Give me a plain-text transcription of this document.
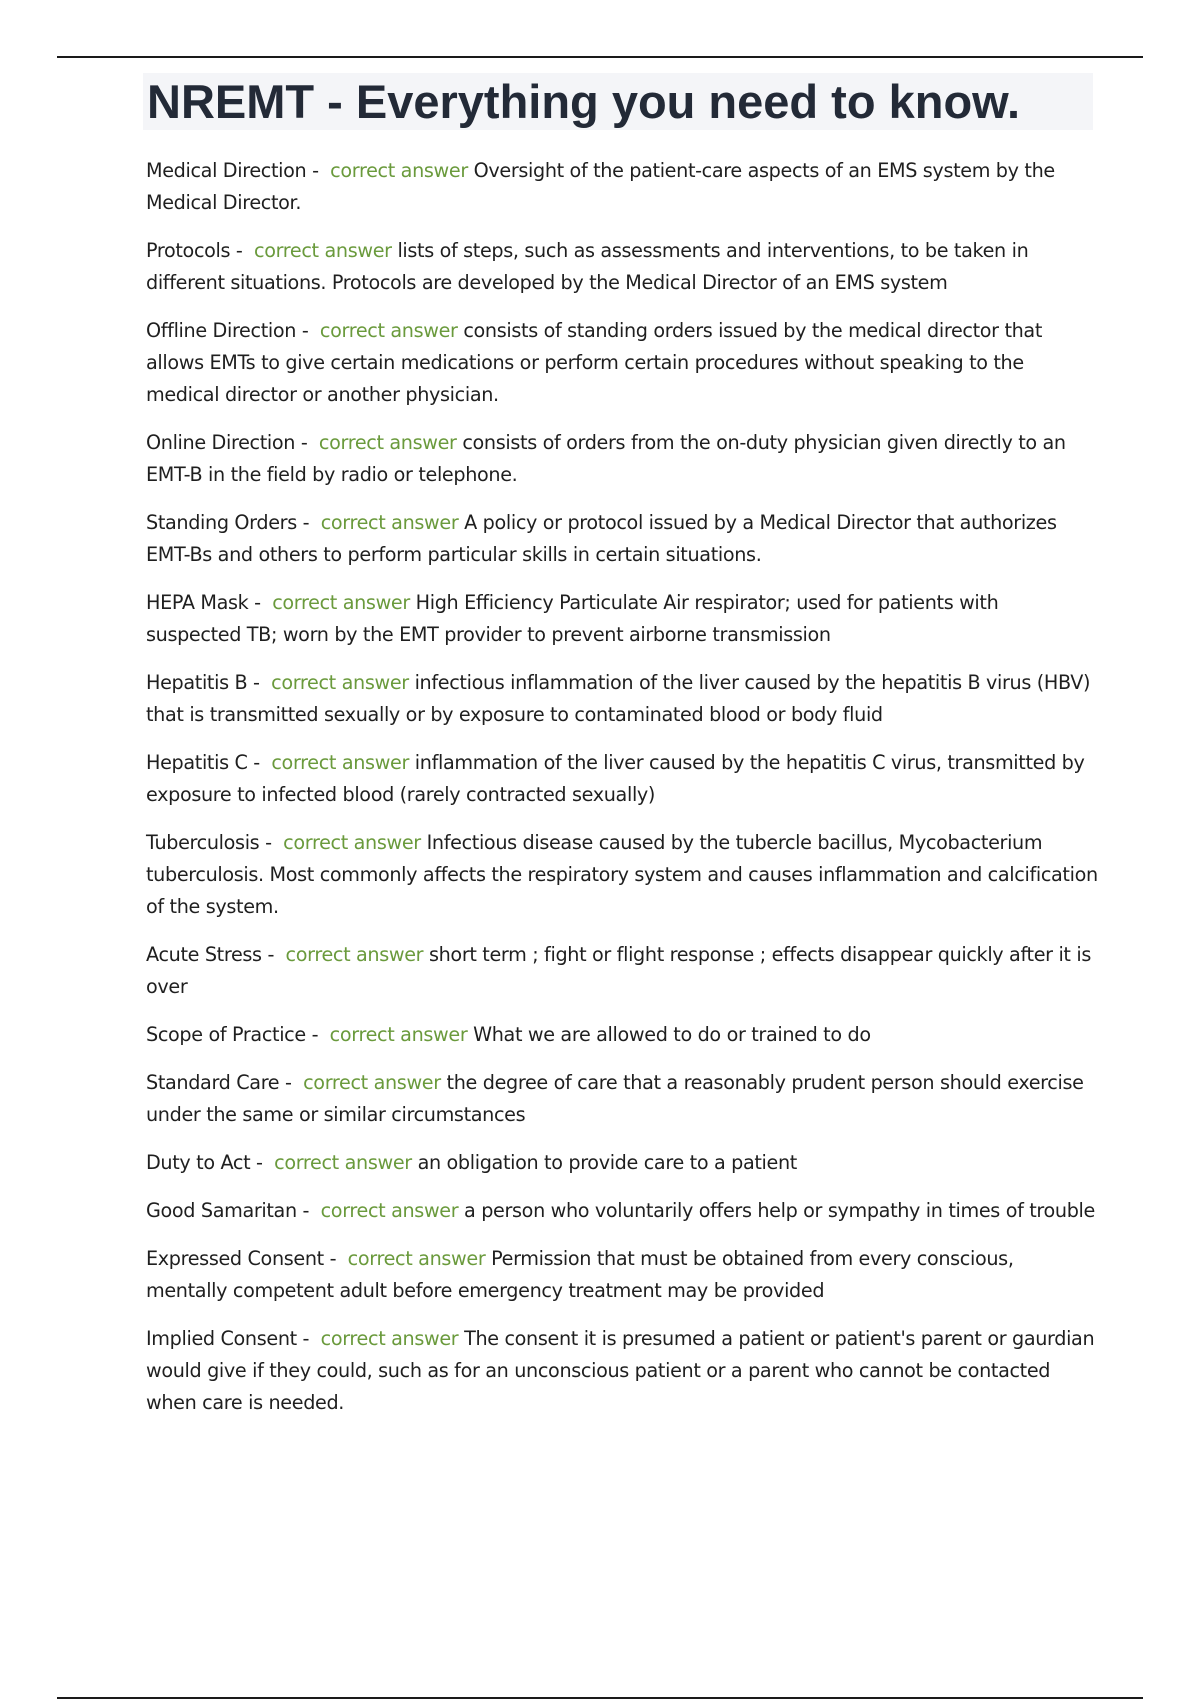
NREMT - Everything you need to know.

Medical Direction -  correct answer Oversight of the patient-care aspects of an EMS system by the Medical Director.

Protocols -  correct answer lists of steps, such as assessments and interventions, to be taken in different situations. Protocols are developed by the Medical Director of an EMS system

Offline Direction -  correct answer consists of standing orders issued by the medical director that allows EMTs to give certain medications or perform certain procedures without speaking to the medical director or another physician.

Online Direction -  correct answer consists of orders from the on-duty physician given directly to an EMT-B in the field by radio or telephone.

Standing Orders -  correct answer A policy or protocol issued by a Medical Director that authorizes EMT-Bs and others to perform particular skills in certain situations.

HEPA Mask -  correct answer High Efficiency Particulate Air respirator; used for patients with suspected TB; worn by the EMT provider to prevent airborne transmission

Hepatitis B -  correct answer infectious inflammation of the liver caused by the hepatitis B virus (HBV) that is transmitted sexually or by exposure to contaminated blood or body fluid

Hepatitis C -  correct answer inflammation of the liver caused by the hepatitis C virus, transmitted by exposure to infected blood (rarely contracted sexually)

Tuberculosis -  correct answer Infectious disease caused by the tubercle bacillus, Mycobacterium tuberculosis. Most commonly affects the respiratory system and causes inflammation and calcification of the system.

Acute Stress -  correct answer short term ; fight or flight response ; effects disappear quickly after it is over

Scope of Practice -  correct answer What we are allowed to do or trained to do

Standard Care -  correct answer the degree of care that a reasonably prudent person should exercise under the same or similar circumstances

Duty to Act -  correct answer an obligation to provide care to a patient

Good Samaritan -  correct answer a person who voluntarily offers help or sympathy in times of trouble

Expressed Consent -  correct answer Permission that must be obtained from every conscious, mentally competent adult before emergency treatment may be provided

Implied Consent -  correct answer The consent it is presumed a patient or patient's parent or gaurdian would give if they could, such as for an unconscious patient or a parent who cannot be contacted when care is needed.
